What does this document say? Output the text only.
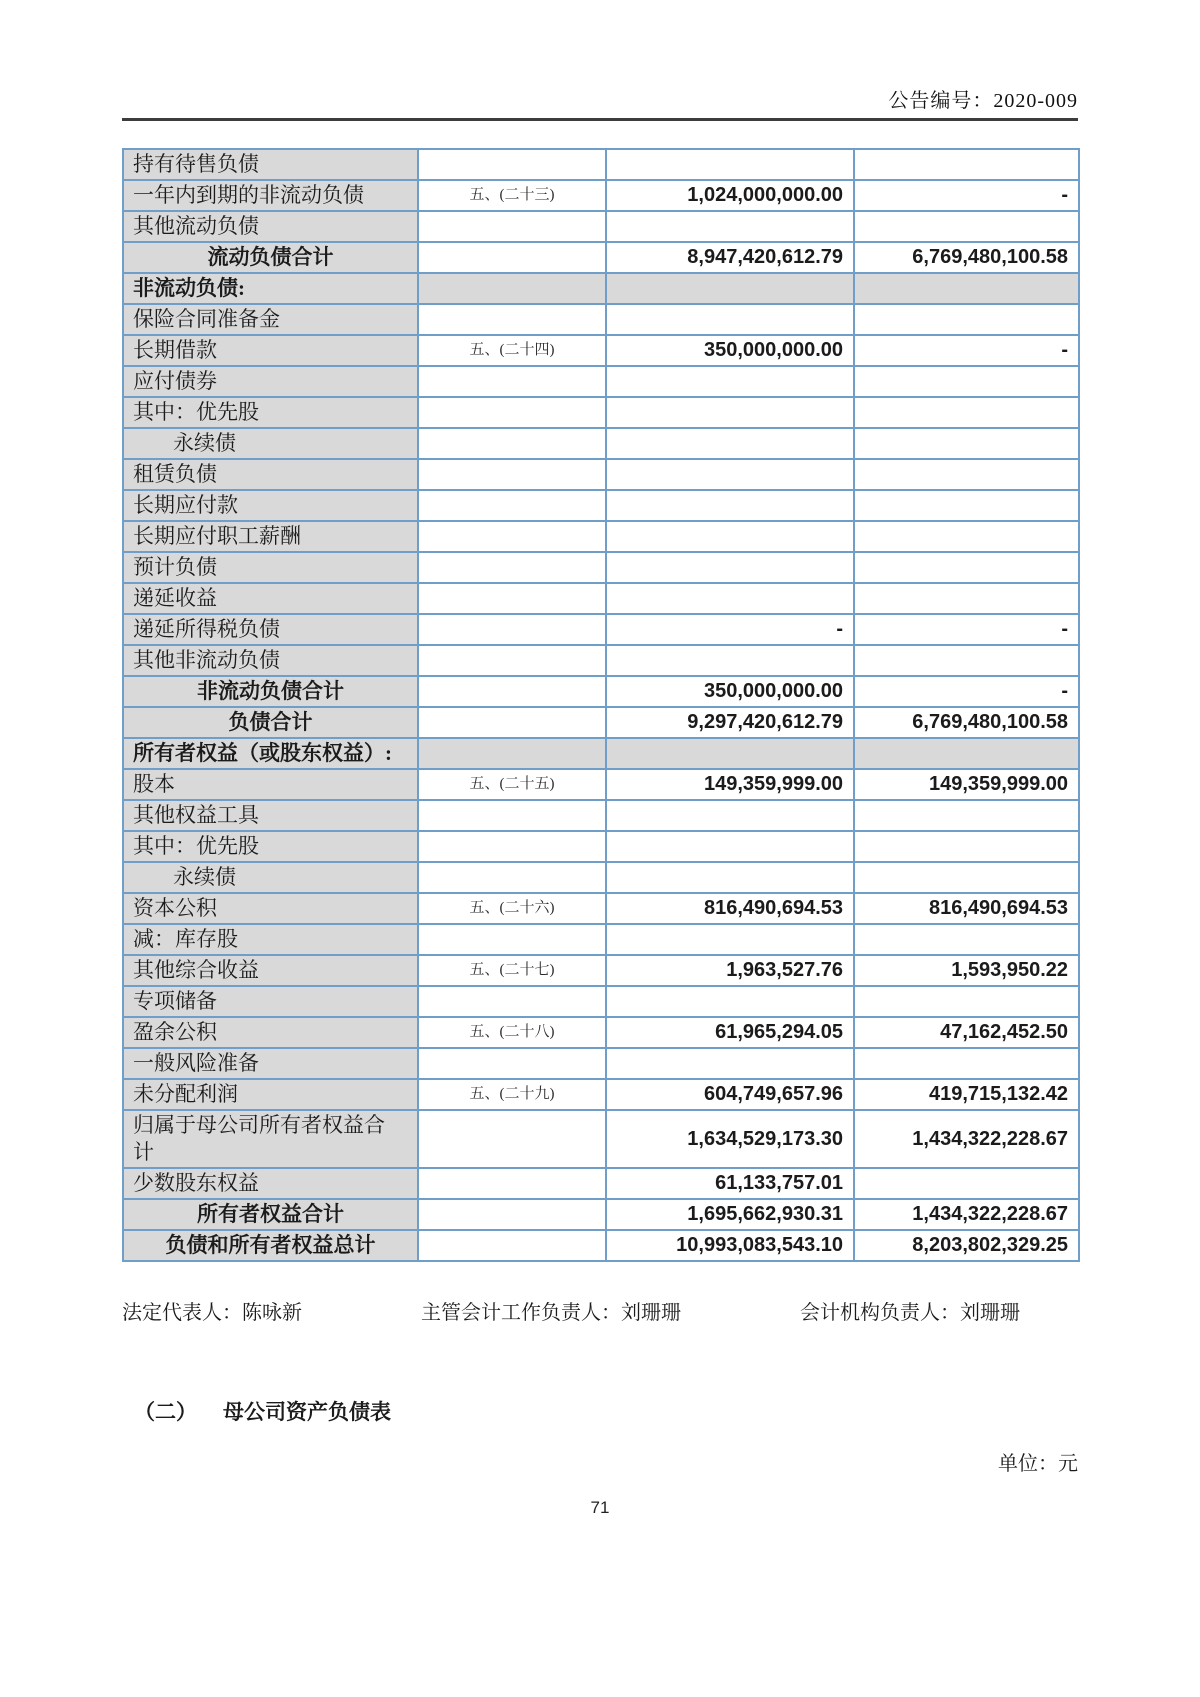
公告编号：2020-009
持有待售负债			
一年内到期的非流动负债	五、(二十三)	1,024,000,000.00	-
其他流动负债			
流动负债合计		8,947,420,612.79	6,769,480,100.58
非流动负债:			
保险合同准备金			
长期借款	五、(二十四)	350,000,000.00	-
应付债券			
其中：优先股			
永续债			
租赁负债			
长期应付款			
长期应付职工薪酬			
预计负债			
递延收益			
递延所得税负债		-	-
其他非流动负债			
非流动负债合计		350,000,000.00	-
负债合计		9,297,420,612.79	6,769,480,100.58
所有者权益（或股东权益）:			
股本	五、(二十五)	149,359,999.00	149,359,999.00
其他权益工具			
其中：优先股			
永续债			
资本公积	五、(二十六)	816,490,694.53	816,490,694.53
减：库存股			
其他综合收益	五、(二十七)	1,963,527.76	1,593,950.22
专项储备			
盈余公积	五、(二十八)	61,965,294.05	47,162,452.50
一般风险准备			
未分配利润	五、(二十九)	604,749,657.96	419,715,132.42
归属于母公司所有者权益合计		1,634,529,173.30	1,434,322,228.67
少数股东权益		61,133,757.01	
所有者权益合计		1,695,662,930.31	1,434,322,228.67
负债和所有者权益总计		10,993,083,543.10	8,203,802,329.25
法定代表人：陈咏新	主管会计工作负责人：刘珊珊	会计机构负责人：刘珊珊
（二） 母公司资产负债表
单位：元
71
